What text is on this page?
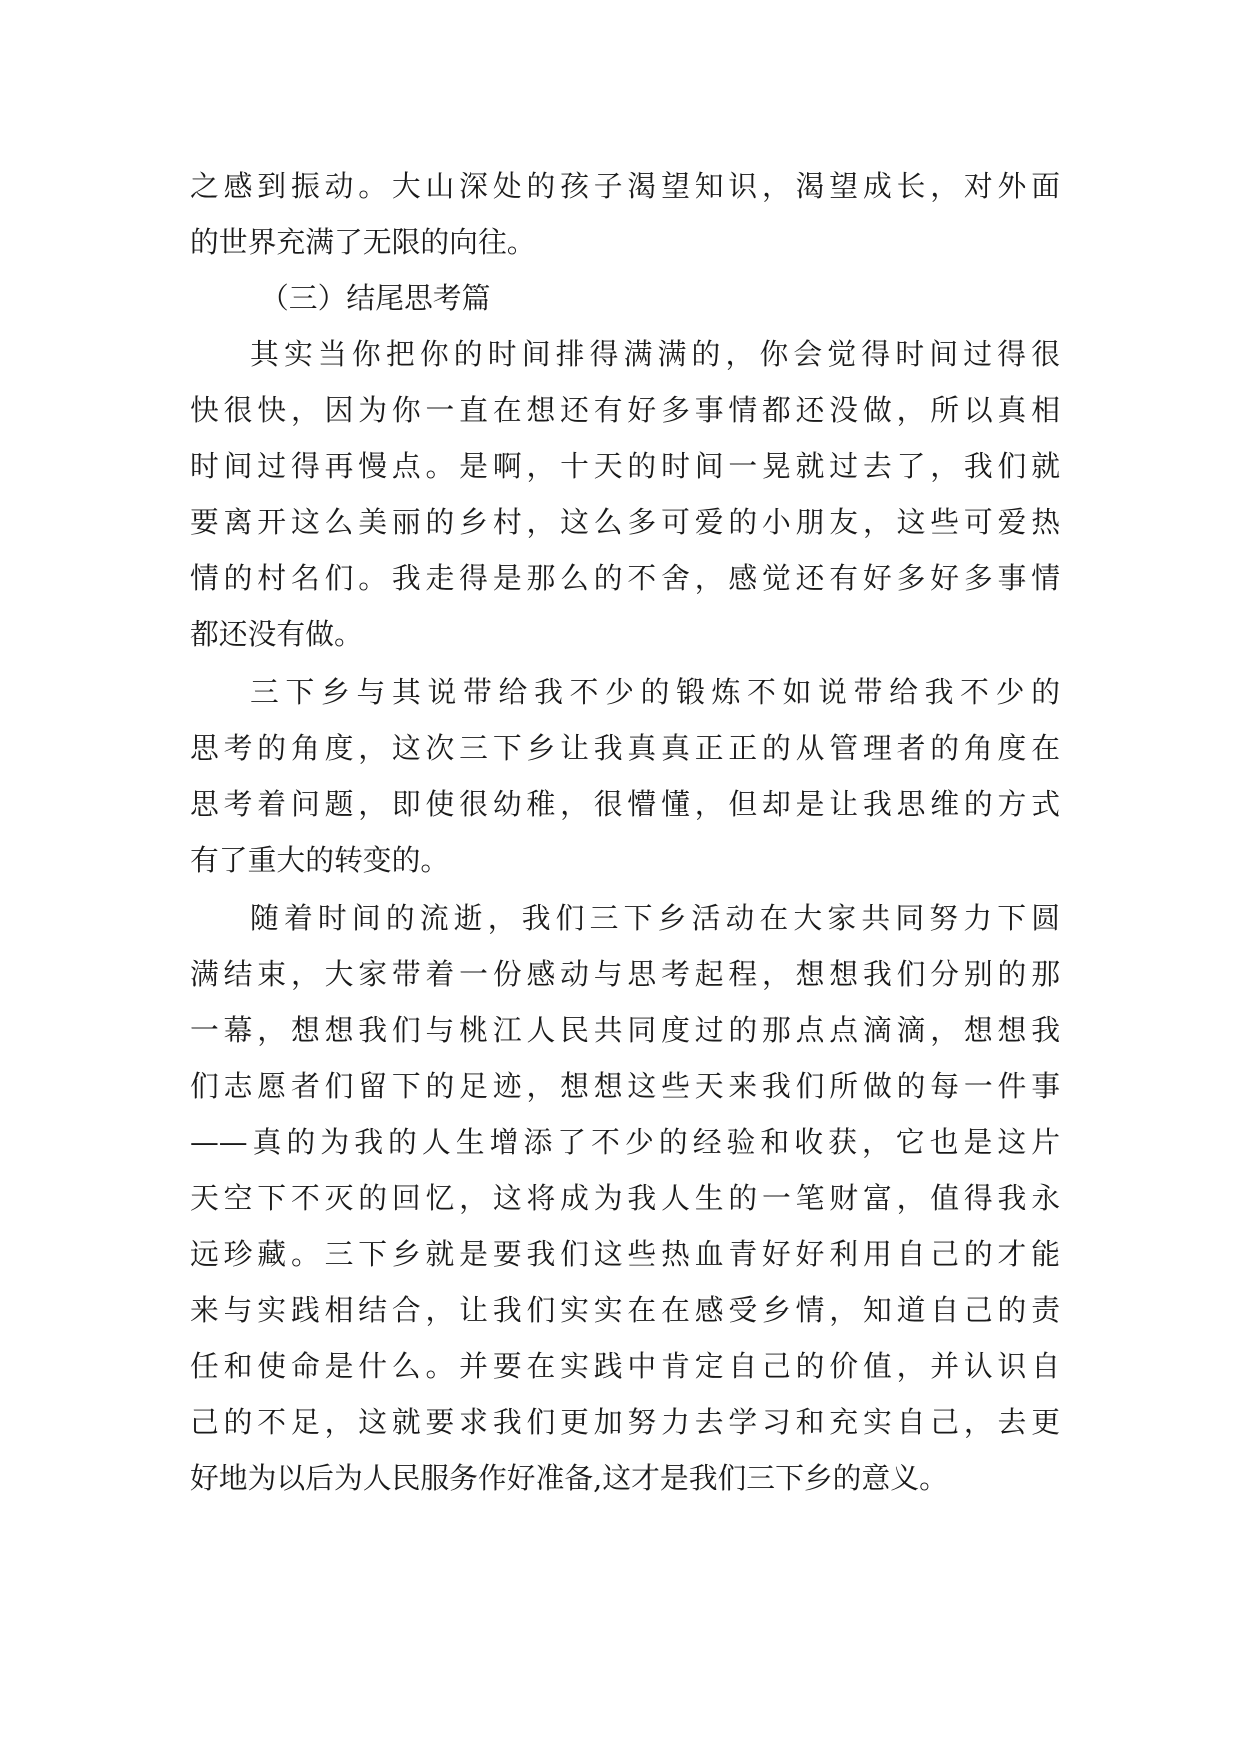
之感到振动。大山深处的孩子渴望知识，渴望成长，对外面
的世界充满了无限的向往。
（三）结尾思考篇
其实当你把你的时间排得满满的，你会觉得时间过得很
快很快，因为你一直在想还有好多事情都还没做，所以真相
时间过得再慢点。是啊，十天的时间一晃就过去了，我们就
要离开这么美丽的乡村，这么多可爱的小朋友，这些可爱热
情的村名们。我走得是那么的不舍，感觉还有好多好多事情
都还没有做。
三下乡与其说带给我不少的锻炼不如说带给我不少的
思考的角度，这次三下乡让我真真正正的从管理者的角度在
思考着问题，即使很幼稚，很懵懂，但却是让我思维的方式
有了重大的转变的。
随着时间的流逝，我们三下乡活动在大家共同努力下圆
满结束，大家带着一份感动与思考起程，想想我们分别的那
一幕，想想我们与桃江人民共同度过的那点点滴滴，想想我
们志愿者们留下的足迹，想想这些天来我们所做的每一件事
——真的为我的人生增添了不少的经验和收获，它也是这片
天空下不灭的回忆，这将成为我人生的一笔财富，值得我永
远珍藏。三下乡就是要我们这些热血青好好利用自己的才能
来与实践相结合，让我们实实在在感受乡情，知道自己的责
任和使命是什么。并要在实践中肯定自己的价值，并认识自
己的不足，这就要求我们更加努力去学习和充实自己，去更
好地为以后为人民服务作好准备,这才是我们三下乡的意义。
